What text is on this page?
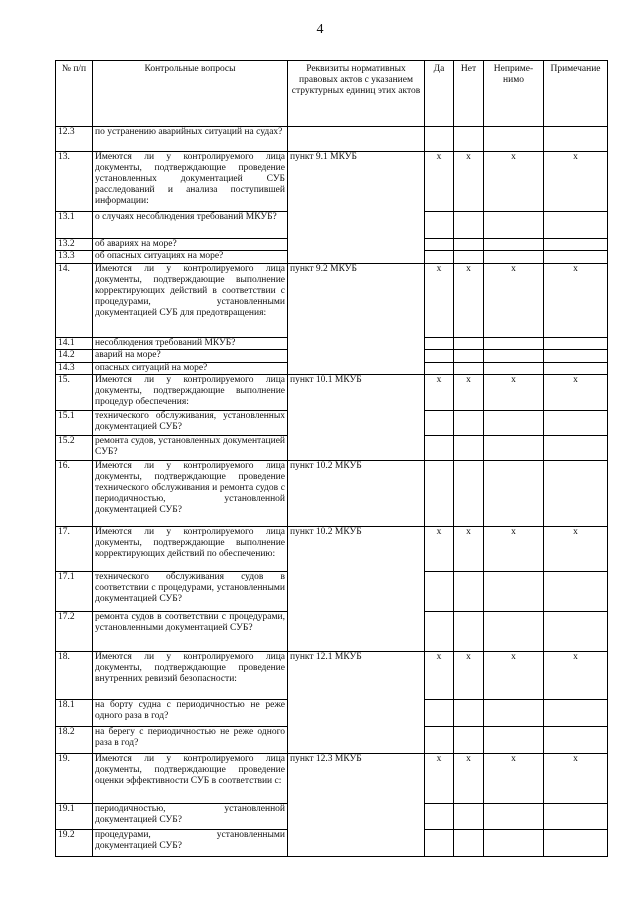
4
№ п/п	Контрольные вопросы	Реквизиты нормативных правовых актов с указанием структурных единиц этих актов	Да	Нет	Неприме- нимо	Примечание
12.3	по устранению аварийных ситуаций на судах?					
13.	Имеются ли у контролируемого лица документы, подтверждающие проведение установленных документацией СУБ расследований и анализа поступившей информации:	пункт 9.1 МКУБ	x	x	x	x
13.1	о случаях несоблюдения требований МКУБ?					
13.2	об авариях на море?					
13.3	об опасных ситуациях на море?					
14.	Имеются ли у контролируемого лица документы, подтверждающие выполнение корректирующих действий в соответствии с процедурами, установленными документацией СУБ для предотвращения:	пункт 9.2 МКУБ	x	x	x	x
14.1	несоблюдения требований МКУБ?					
14.2	аварий на море?					
14.3	опасных ситуаций на море?					
15.	Имеются ли у контролируемого лица документы, подтверждающие выполнение процедур обеспечения:	пункт 10.1 МКУБ	x	x	x	x
15.1	технического обслуживания, установленных документацией СУБ?					
15.2	ремонта судов, установленных документацией СУБ?					
16.	Имеются ли у контролируемого лица документы, подтверждающие проведение технического обслуживания и ремонта судов с периодичностью, установленной документацией СУБ?	пункт 10.2 МКУБ				
17.	Имеются ли у контролируемого лица документы, подтверждающие выполнение корректирующих действий по обеспечению:	пункт 10.2 МКУБ	x	x	x	x
17.1	технического обслуживания судов в соответствии с процедурами, установленными документацией СУБ?					
17.2	ремонта судов в соответствии с процедурами, установленными документацией СУБ?					
18.	Имеются ли у контролируемого лица документы, подтверждающие проведение внутренних ревизий безопасности:	пункт 12.1 МКУБ	x	x	x	x
18.1	на борту судна с периодичностью не реже одного раза в год?					
18.2	на берегу с периодичностью не реже одного раза в год?					
19.	Имеются ли у контролируемого лица документы, подтверждающие проведение оценки эффективности СУБ в соответствии с:	пункт 12.3 МКУБ	x	x	x	x
19.1	периодичностью, установленной документацией СУБ?					
19.2	процедурами, установленными документацией СУБ?					
